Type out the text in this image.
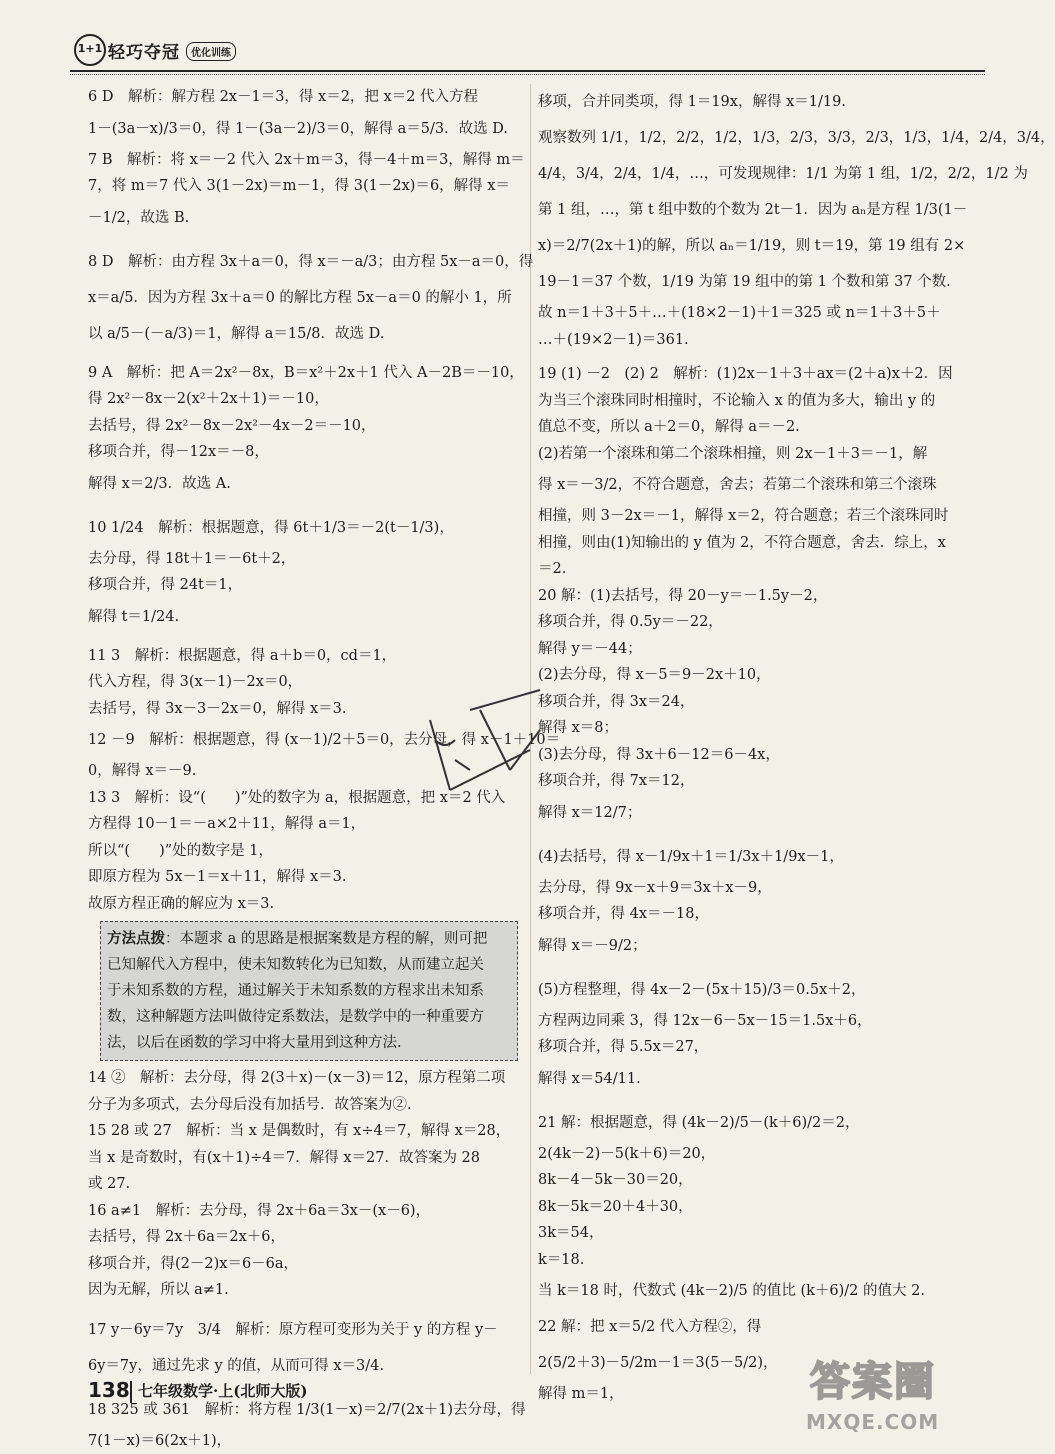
1+1 轻巧夺冠	优化训练
6 D　解析：解方程 2x－1＝3，得 x＝2，把 x＝2 代入方程
1－(3a－x)/3＝0，得 1－(3a－2)/3＝0，解得 a＝5/3．故选 D.
7 B　解析：将 x＝－2 代入 2x＋m＝3，得－4＋m＝3，解得 m＝
7，将 m＝7 代入 3(1－2x)＝m－1，得 3(1－2x)＝6，解得 x＝
－1/2，故选 B.
8 D　解析：由方程 3x＋a＝0，得 x＝－a/3；由方程 5x－a＝0，得
x＝a/5．因为方程 3x＋a＝0 的解比方程 5x－a＝0 的解小 1，所
以 a/5－(－a/3)＝1，解得 a＝15/8．故选 D.
9 A　解析：把 A＝2x²－8x，B＝x²＋2x＋1 代入 A－2B＝－10，
得 2x²－8x－2(x²＋2x＋1)＝－10，
去括号，得 2x²－8x－2x²－4x－2＝－10，
移项合并，得－12x＝－8，
解得 x＝2/3．故选 A.
10 1/24　解析：根据题意，得 6t＋1/3＝－2(t－1/3)，
去分母，得 18t＋1＝－6t＋2，
移项合并，得 24t＝1，
解得 t＝1/24.
11 3　解析：根据题意，得 a＋b＝0，cd＝1，
代入方程，得 3(x－1)－2x＝0，
去括号，得 3x－3－2x＝0，解得 x＝3.
12 －9　解析：根据题意，得 (x－1)/2＋5＝0，去分母，得 x－1＋10＝
0，解得 x＝－9.
13 3　解析：设“(　　)”处的数字为 a，根据题意，把 x＝2 代入
方程得 10－1＝－a×2＋11，解得 a＝1，
所以“(　　)”处的数字是 1，
即原方程为 5x－1＝x＋11，解得 x＝3.
故原方程正确的解应为 x＝3.
方法点拨：本题求 a 的思路是根据案数是方程的解，则可把
已知解代入方程中，使未知数转化为已知数，从而建立起关
于未知系数的方程，通过解关于未知系数的方程求出未知系
数，这种解题方法叫做待定系数法，是数学中的一种重要方
法，以后在函数的学习中将大量用到这种方法.
14 ②　解析：去分母，得 2(3＋x)－(x－3)＝12，原方程第二项
分子为多项式，去分母后没有加括号．故答案为②.
15 28 或 27　解析：当 x 是偶数时，有 x÷4＝7，解得 x＝28，
当 x 是奇数时，有(x＋1)÷4＝7．解得 x＝27．故答案为 28
或 27.
16 a≠1　解析：去分母，得 2x＋6a＝3x－(x－6)，
去括号，得 2x＋6a＝2x＋6，
移项合并，得(2－2)x＝6－6a，
因为无解，所以 a≠1.
17 y－6y＝7y　3/4　解析：原方程可变形为关于 y 的方程 y－
6y＝7y，通过先求 y 的值，从而可得 x＝3/4.
18 325 或 361　解析：将方程 1/3(1－x)＝2/7(2x＋1)去分母，得
7(1－x)＝6(2x＋1)，
移项，合并同类项，得 1＝19x，解得 x＝1/19.
观察数列 1/1，1/2，2/2，1/2，1/3，2/3，3/3，2/3，1/3，1/4，2/4，3/4，
4/4，3/4，2/4，1/4，…，可发现规律：1/1 为第 1 组，1/2，2/2，1/2 为
第 1 组，…，第 t 组中数的个数为 2t－1．因为 aₙ是方程 1/3(1－
x)＝2/7(2x＋1)的解，所以 aₙ＝1/19，则 t＝19，第 19 组有 2×
19－1＝37 个数，1/19 为第 19 组中的第 1 个数和第 37 个数．
故 n＝1＋3＋5＋…＋(18×2－1)＋1＝325 或 n＝1＋3＋5＋
…＋(19×2－1)＝361.
19 (1) －2　(2) 2　解析：(1)2x－1＋3＋ax＝(2＋a)x＋2．因
为当三个滚珠同时相撞时，不论输入 x 的值为多大，输出 y 的
值总不变，所以 a＋2＝0，解得 a＝－2.
(2)若第一个滚珠和第二个滚珠相撞，则 2x－1＋3＝－1，解
得 x＝－3/2，不符合题意，舍去；若第二个滚珠和第三个滚珠
相撞，则 3－2x＝－1，解得 x＝2，符合题意；若三个滚珠同时
相撞，则由(1)知输出的 y 值为 2，不符合题意，舍去．综上，x
＝2.
20 解：(1)去括号，得 20－y＝－1.5y－2，
移项合并，得 0.5y＝－22，
解得 y＝－44；
(2)去分母，得 x－5＝9－2x＋10，
移项合并，得 3x＝24，
解得 x＝8；
(3)去分母，得 3x＋6－12＝6－4x，
移项合并，得 7x＝12，
解得 x＝12/7；
(4)去括号，得 x－1/9x＋1＝1/3x＋1/9x－1，
去分母，得 9x－x＋9＝3x＋x－9，
移项合并，得 4x＝－18，
解得 x＝－9/2；
(5)方程整理，得 4x－2－(5x＋15)/3＝0.5x＋2，
方程两边同乘 3，得 12x－6－5x－15＝1.5x＋6，
移项合并，得 5.5x＝27，
解得 x＝54/11.
21 解：根据题意，得 (4k－2)/5－(k＋6)/2＝2，
2(4k－2)－5(k＋6)＝20，
8k－4－5k－30＝20，
8k－5k＝20＋4＋30，
3k＝54，
k＝18.
当 k＝18 时，代数式 (4k－2)/5 的值比 (k＋6)/2 的值大 2.
22 解：把 x＝5/2 代入方程②，得
2(5/2＋3)－5/2m－1＝3(5－5/2)，
解得 m＝1，
138 七年级数学·上(北师大版)	答案圈
MXQE.COM
